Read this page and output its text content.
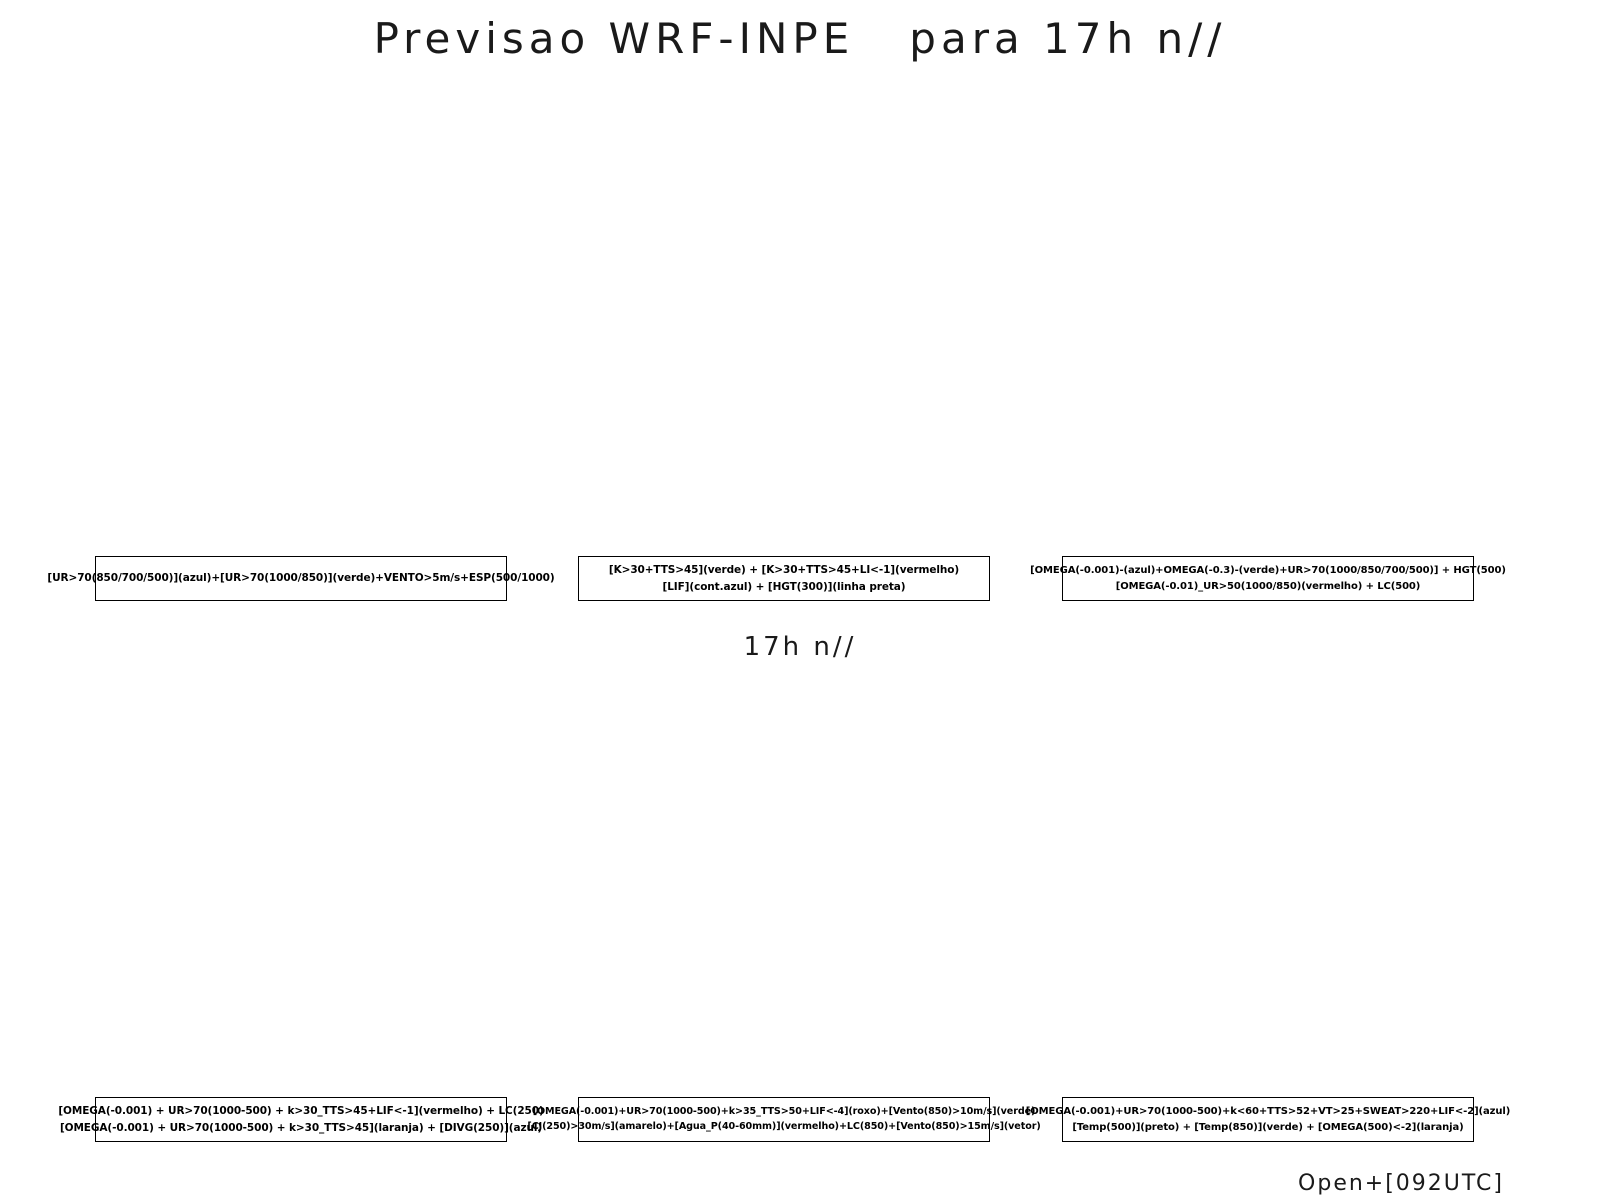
Previsao WRF-INPE   para 17h n//
[UR>70(850/700/500)](azul)+[UR>70(1000/850)](verde)+VENTO>5m/s+ESP(500/1000)
[K>30+TTS>45](verde) + [K>30+TTS>45+LI<-1](vermelho)
[LIF](cont.azul) + [HGT(300)](linha preta)
[OMEGA(-0.001)-(azul)+OMEGA(-0.3)-(verde)+UR>70(1000/850/700/500)] + HGT(500)
[OMEGA(-0.01)_UR>50(1000/850)(vermelho) + LC(500)
17h n//
[OMEGA(-0.001) + UR>70(1000-500) + k>30_TTS>45+LIF<-1](vermelho) + LC(250)
[OMEGA(-0.001) + UR>70(1000-500) + k>30_TTS>45](laranja) + [DIVG(250)](azul)
[OMEGA(-0.001)+UR>70(1000-500)+k>35_TTS>50+LIF<-4](roxo)+[Vento(850)>10m/s](verde)
[CJ(250)>30m/s](amarelo)+[Agua_P(40-60mm)](vermelho)+LC(850)+[Vento(850)>15m/s](vetor)
[OMEGA(-0.001)+UR>70(1000-500)+k<60+TTS>52+VT>25+SWEAT>220+LIF<-2](azul)
[Temp(500)](preto) + [Temp(850)](verde) + [OMEGA(500)<-2](laranja)
Open+[092UTC]
